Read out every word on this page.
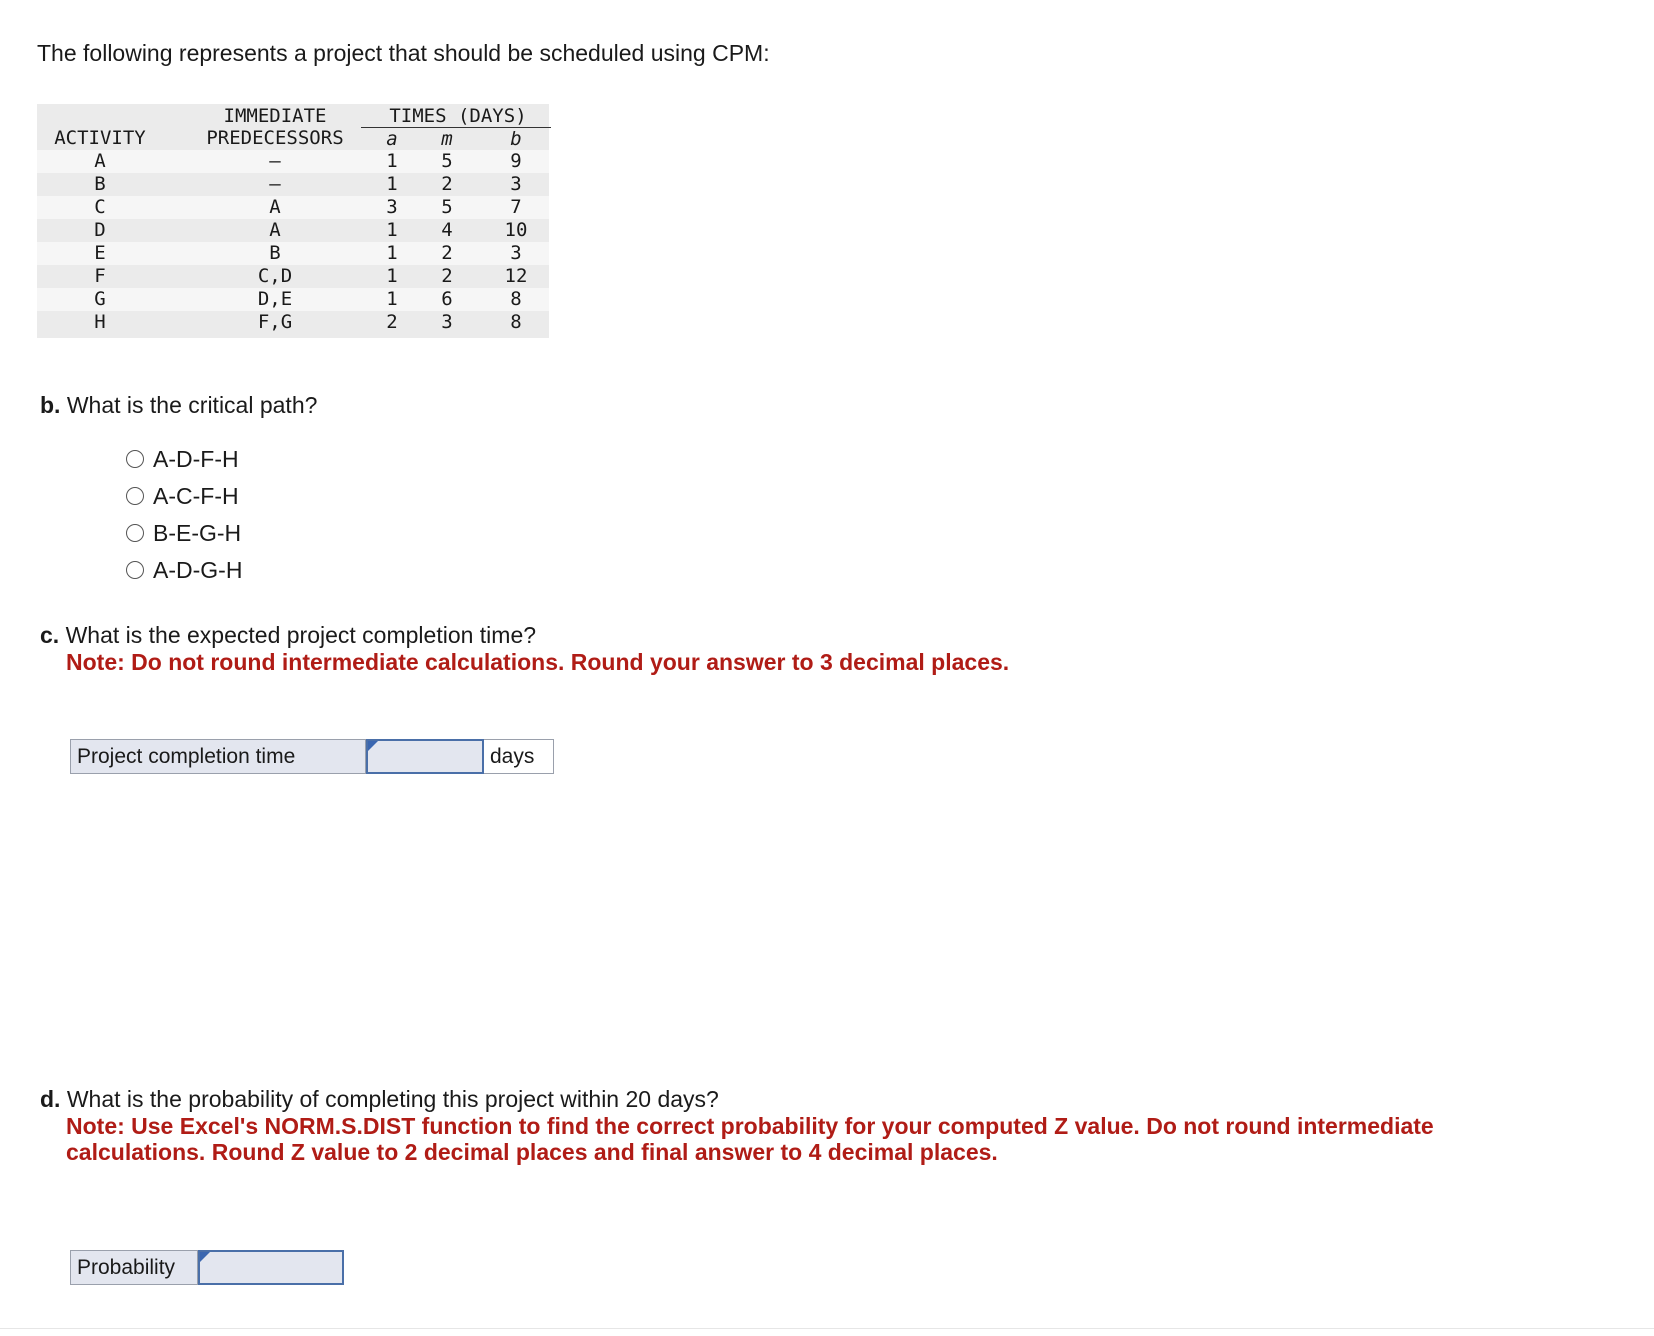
The following represents a project that should be scheduled using CPM:
ACTIVITY
IMMEDIATE
PREDECESSORS
TIMES (DAYS)
a	m	b
A	—	1	5	9
B	—	1	2	3
C	A	3	5	7
D	A	1	4	10
E	B	1	2	3
F	C,D	1	2	12
G	D,E	1	6	8
H	F,G	2	3	8
b. What is the critical path?
A-D-F-H
A-C-F-H
B-E-G-H
A-D-G-H
c. What is the expected project completion time?
Note: Do not round intermediate calculations. Round your answer to 3 decimal places.
Project completion time	days
d. What is the probability of completing this project within 20 days?
Note: Use Excel's NORM.S.DIST function to find the correct probability for your computed Z value. Do not round intermediate
calculations. Round Z value to 2 decimal places and final answer to 4 decimal places.
Probability
